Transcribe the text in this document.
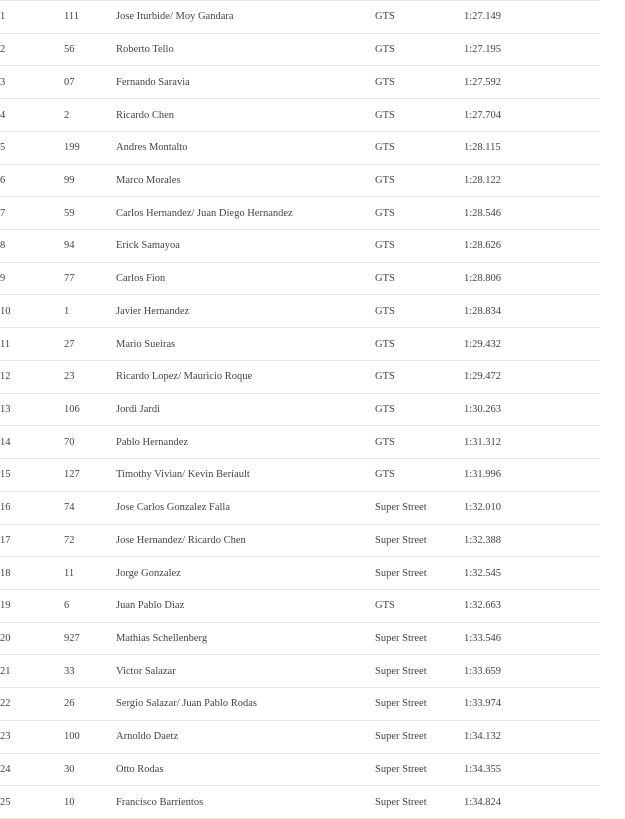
1	111	Jose Iturbide/ Moy Gandara	GTS	1:27.149
2	56	Roberto Tello	GTS	1:27.195
3	07	Fernando Saravia	GTS	1:27.592
4	2	Ricardo Chen	GTS	1:27.704
5	199	Andres Montalto	GTS	1:28.115
6	99	Marco Morales	GTS	1:28.122
7	59	Carlos Hernandez/ Juan Diego Hernandez	GTS	1:28.546
8	94	Erick Samayoa	GTS	1:28.626
9	77	Carlos Fion	GTS	1:28.806
10	1	Javier Hernandez	GTS	1:28.834
11	27	Mario Sueiras	GTS	1:29.432
12	23	Ricardo Lopez/ Mauricio Roque	GTS	1:29.472
13	106	Jordi Jardi	GTS	1:30.263
14	70	Pablo Hernandez	GTS	1:31.312
15	127	Timothy Vivian/ Kevin Beriault	GTS	1:31.996
16	74	Jose Carlos Gonzalez Falla	Super Street	1:32.010
17	72	Jose Hernandez/ Ricardo Chen	Super Street	1:32.388
18	11	Jorge Gonzalez	Super Street	1:32.545
19	6	Juan Pablo Diaz	GTS	1:32.663
20	927	Mathias Schellenberg	Super Street	1:33.546
21	33	Victor Salazar	Super Street	1:33.659
22	26	Sergio Salazar/ Juan Pablo Rodas	Super Street	1:33.974
23	100	Arnoldo Daetz	Super Street	1:34.132
24	30	Otto Rodas	Super Street	1:34.355
25	10	Francisco Barrientos	Super Street	1:34.824
